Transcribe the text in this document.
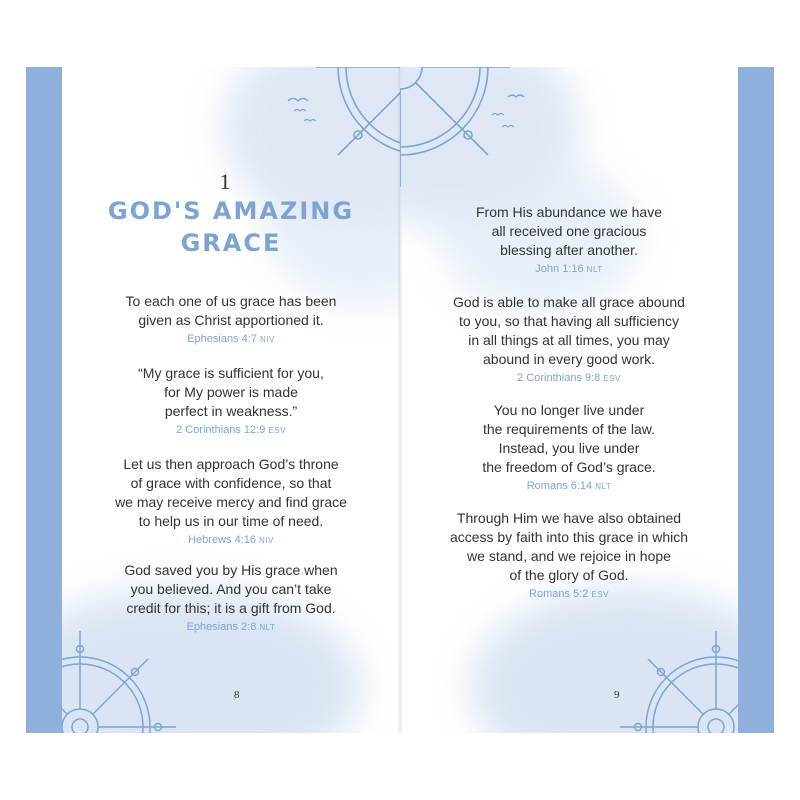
1
GOD'S AMAZING
GRACE
To each one of us grace has been
given as Christ apportioned it.
Ephesians 4:7 NIV
“My grace is sufficient for you,
for My power is made
perfect in weakness.”
2 Corinthians 12:9 ESV
Let us then approach God’s throne
of grace with confidence, so that
we may receive mercy and find grace
to help us in our time of need.
Hebrews 4:16 NIV
God saved you by His grace when
you believed. And you can’t take
credit for this; it is a gift from God.
Ephesians 2:8 NLT
8
From His abundance we have
all received one gracious
blessing after another.
John 1:16 NLT
God is able to make all grace abound
to you, so that having all sufficiency
in all things at all times, you may
abound in every good work.
2 Corinthians 9:8 ESV
You no longer live under
the requirements of the law.
Instead, you live under
the freedom of God’s grace.
Romans 6:14 NLT
Through Him we have also obtained
access by faith into this grace in which
we stand, and we rejoice in hope
of the glory of God.
Romans 5:2 ESV
9
